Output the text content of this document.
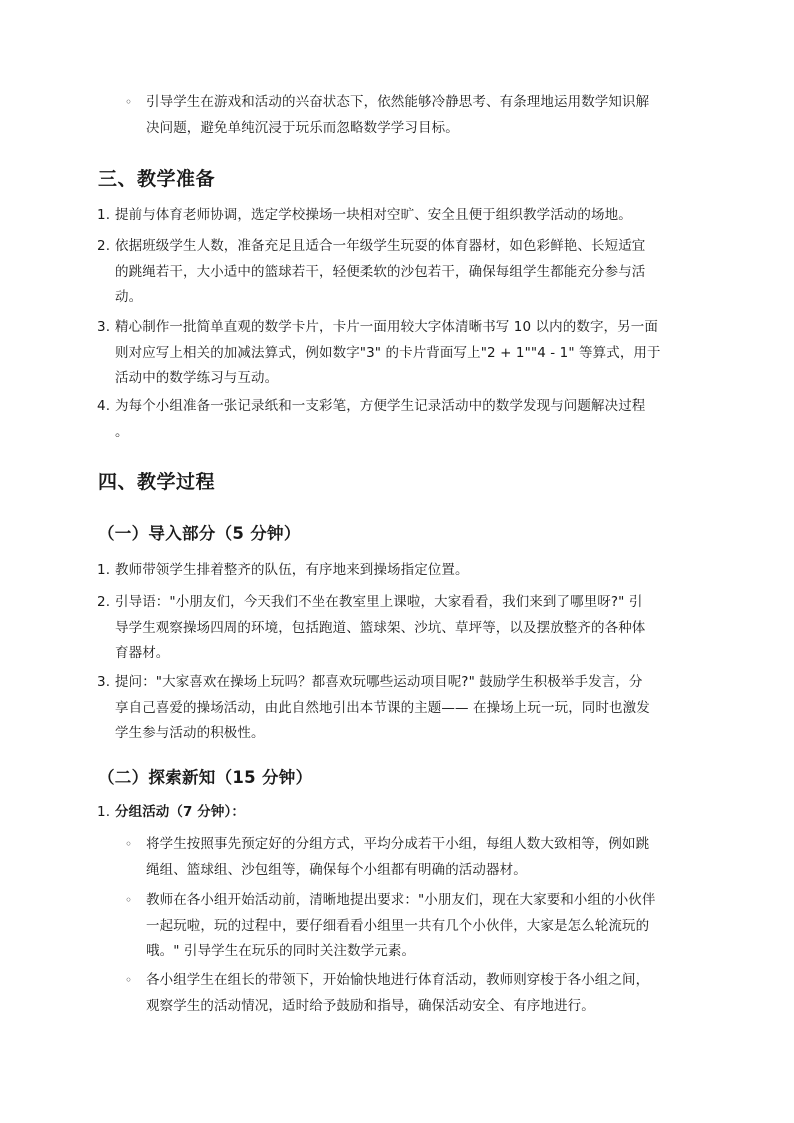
◦ 引导学生在游戏和活动的兴奋状态下，依然能够冷静思考、有条理地运用数学知识解
决问题，避免单纯沉浸于玩乐而忽略数学学习目标。
三、教学准备
1. 提前与体育老师协调，选定学校操场一块相对空旷、安全且便于组织教学活动的场地。
2. 依据班级学生人数，准备充足且适合一年级学生玩耍的体育器材，如色彩鲜艳、长短适宜
的跳绳若干，大小适中的篮球若干，轻便柔软的沙包若干，确保每组学生都能充分参与活
动。
3. 精心制作一批简单直观的数学卡片，卡片一面用较大字体清晰书写 10 以内的数字，另一面
则对应写上相关的加减法算式，例如数字"3" 的卡片背面写上"2 + 1""4 - 1" 等算式，用于
活动中的数学练习与互动。
4. 为每个小组准备一张记录纸和一支彩笔，方便学生记录活动中的数学发现与问题解决过程
。
四、教学过程
（一）导入部分（5 分钟）
1. 教师带领学生排着整齐的队伍，有序地来到操场指定位置。
2. 引导语："小朋友们，今天我们不坐在教室里上课啦，大家看看，我们来到了哪里呀?" 引
导学生观察操场四周的环境，包括跑道、篮球架、沙坑、草坪等，以及摆放整齐的各种体
育器材。
3. 提问："大家喜欢在操场上玩吗？都喜欢玩哪些运动项目呢?" 鼓励学生积极举手发言，分
享自己喜爱的操场活动，由此自然地引出本节课的主题—— 在操场上玩一玩，同时也激发
学生参与活动的积极性。
（二）探索新知（15 分钟）
1. 分组活动（7 分钟）：
◦ 将学生按照事先预定好的分组方式，平均分成若干小组，每组人数大致相等，例如跳
绳组、篮球组、沙包组等，确保每个小组都有明确的活动器材。
◦ 教师在各小组开始活动前，清晰地提出要求："小朋友们，现在大家要和小组的小伙伴
一起玩啦，玩的过程中，要仔细看看小组里一共有几个小伙伴，大家是怎么轮流玩的
哦。" 引导学生在玩乐的同时关注数学元素。
◦ 各小组学生在组长的带领下，开始愉快地进行体育活动，教师则穿梭于各小组之间，
观察学生的活动情况，适时给予鼓励和指导，确保活动安全、有序地进行。
